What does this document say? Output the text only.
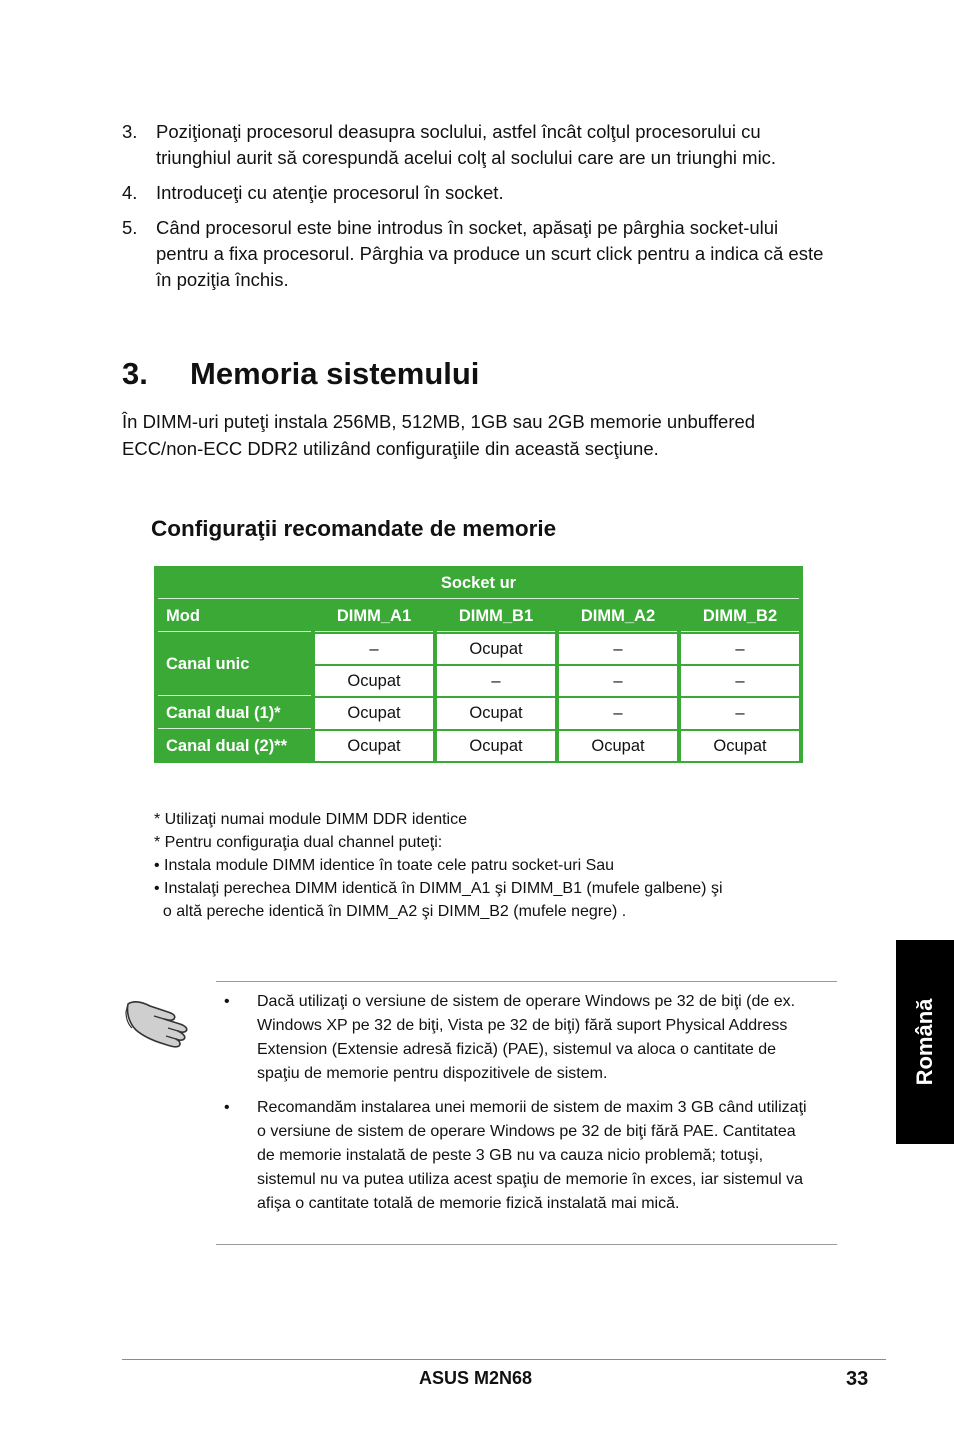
3.	Poziţionaţi procesorul deasupra soclului, astfel încât colţul procesorului cu triunghiul aurit să corespundă acelui colţ al soclului care are un triunghi mic.
4.	Introduceţi cu atenţie procesorul în socket.
5.	Când procesorul este bine introdus în socket, apăsaţi pe pârghia socket-ului pentru a fixa procesorul. Pârghia va produce un scurt click pentru a indica că este în poziţia închis.
3.	Memoria sistemului

În DIMM-uri puteţi instala 256MB, 512MB, 1GB sau 2GB memorie unbuffered ECC/non-ECC DDR2 utilizând configuraţiile din această secţiune.

Configuraţii recomandate de memorie
Socket ur				
Mod	DIMM_A1	DIMM_B1	DIMM_A2	DIMM_B2
Canal unic	–	Ocupat	–	–
	Ocupat	–	–	–
Canal dual (1)*	Ocupat	Ocupat	–	–
Canal dual (2)**	Ocupat	Ocupat	Ocupat	Ocupat
* Utilizaţi numai module DIMM DDR identice
* Pentru configuraţia dual channel puteţi:
• Instala module DIMM identice în toate cele patru socket-uri Sau
• Instalaţi perechea DIMM identică în DIMM_A1 şi DIMM_B1 (mufele galbene) şi
o altă pereche identică în DIMM_A2 şi DIMM_B2 (mufele negre) .
•	Dacă utilizaţi o versiune de sistem de operare Windows pe 32 de biţi (de ex. Windows XP pe 32 de biţi, Vista pe 32 de biţi) fără suport Physical Address Extension (Extensie adresă fizică) (PAE), sistemul va aloca o cantitate de spaţiu de memorie pentru dispozitivele de sistem.
•	Recomandăm instalarea unei memorii de sistem de maxim 3 GB când utilizaţi o versiune de sistem de operare Windows pe 32 de biţi fără PAE. Cantitatea de memorie instalată de peste 3 GB nu va cauza nicio problemă; totuşi, sistemul nu va putea utiliza acest spaţiu de memorie în exces, iar sistemul va afişa o cantitate totală de memorie fizică instalată mai mică.
Română
ASUS M2N68	33
